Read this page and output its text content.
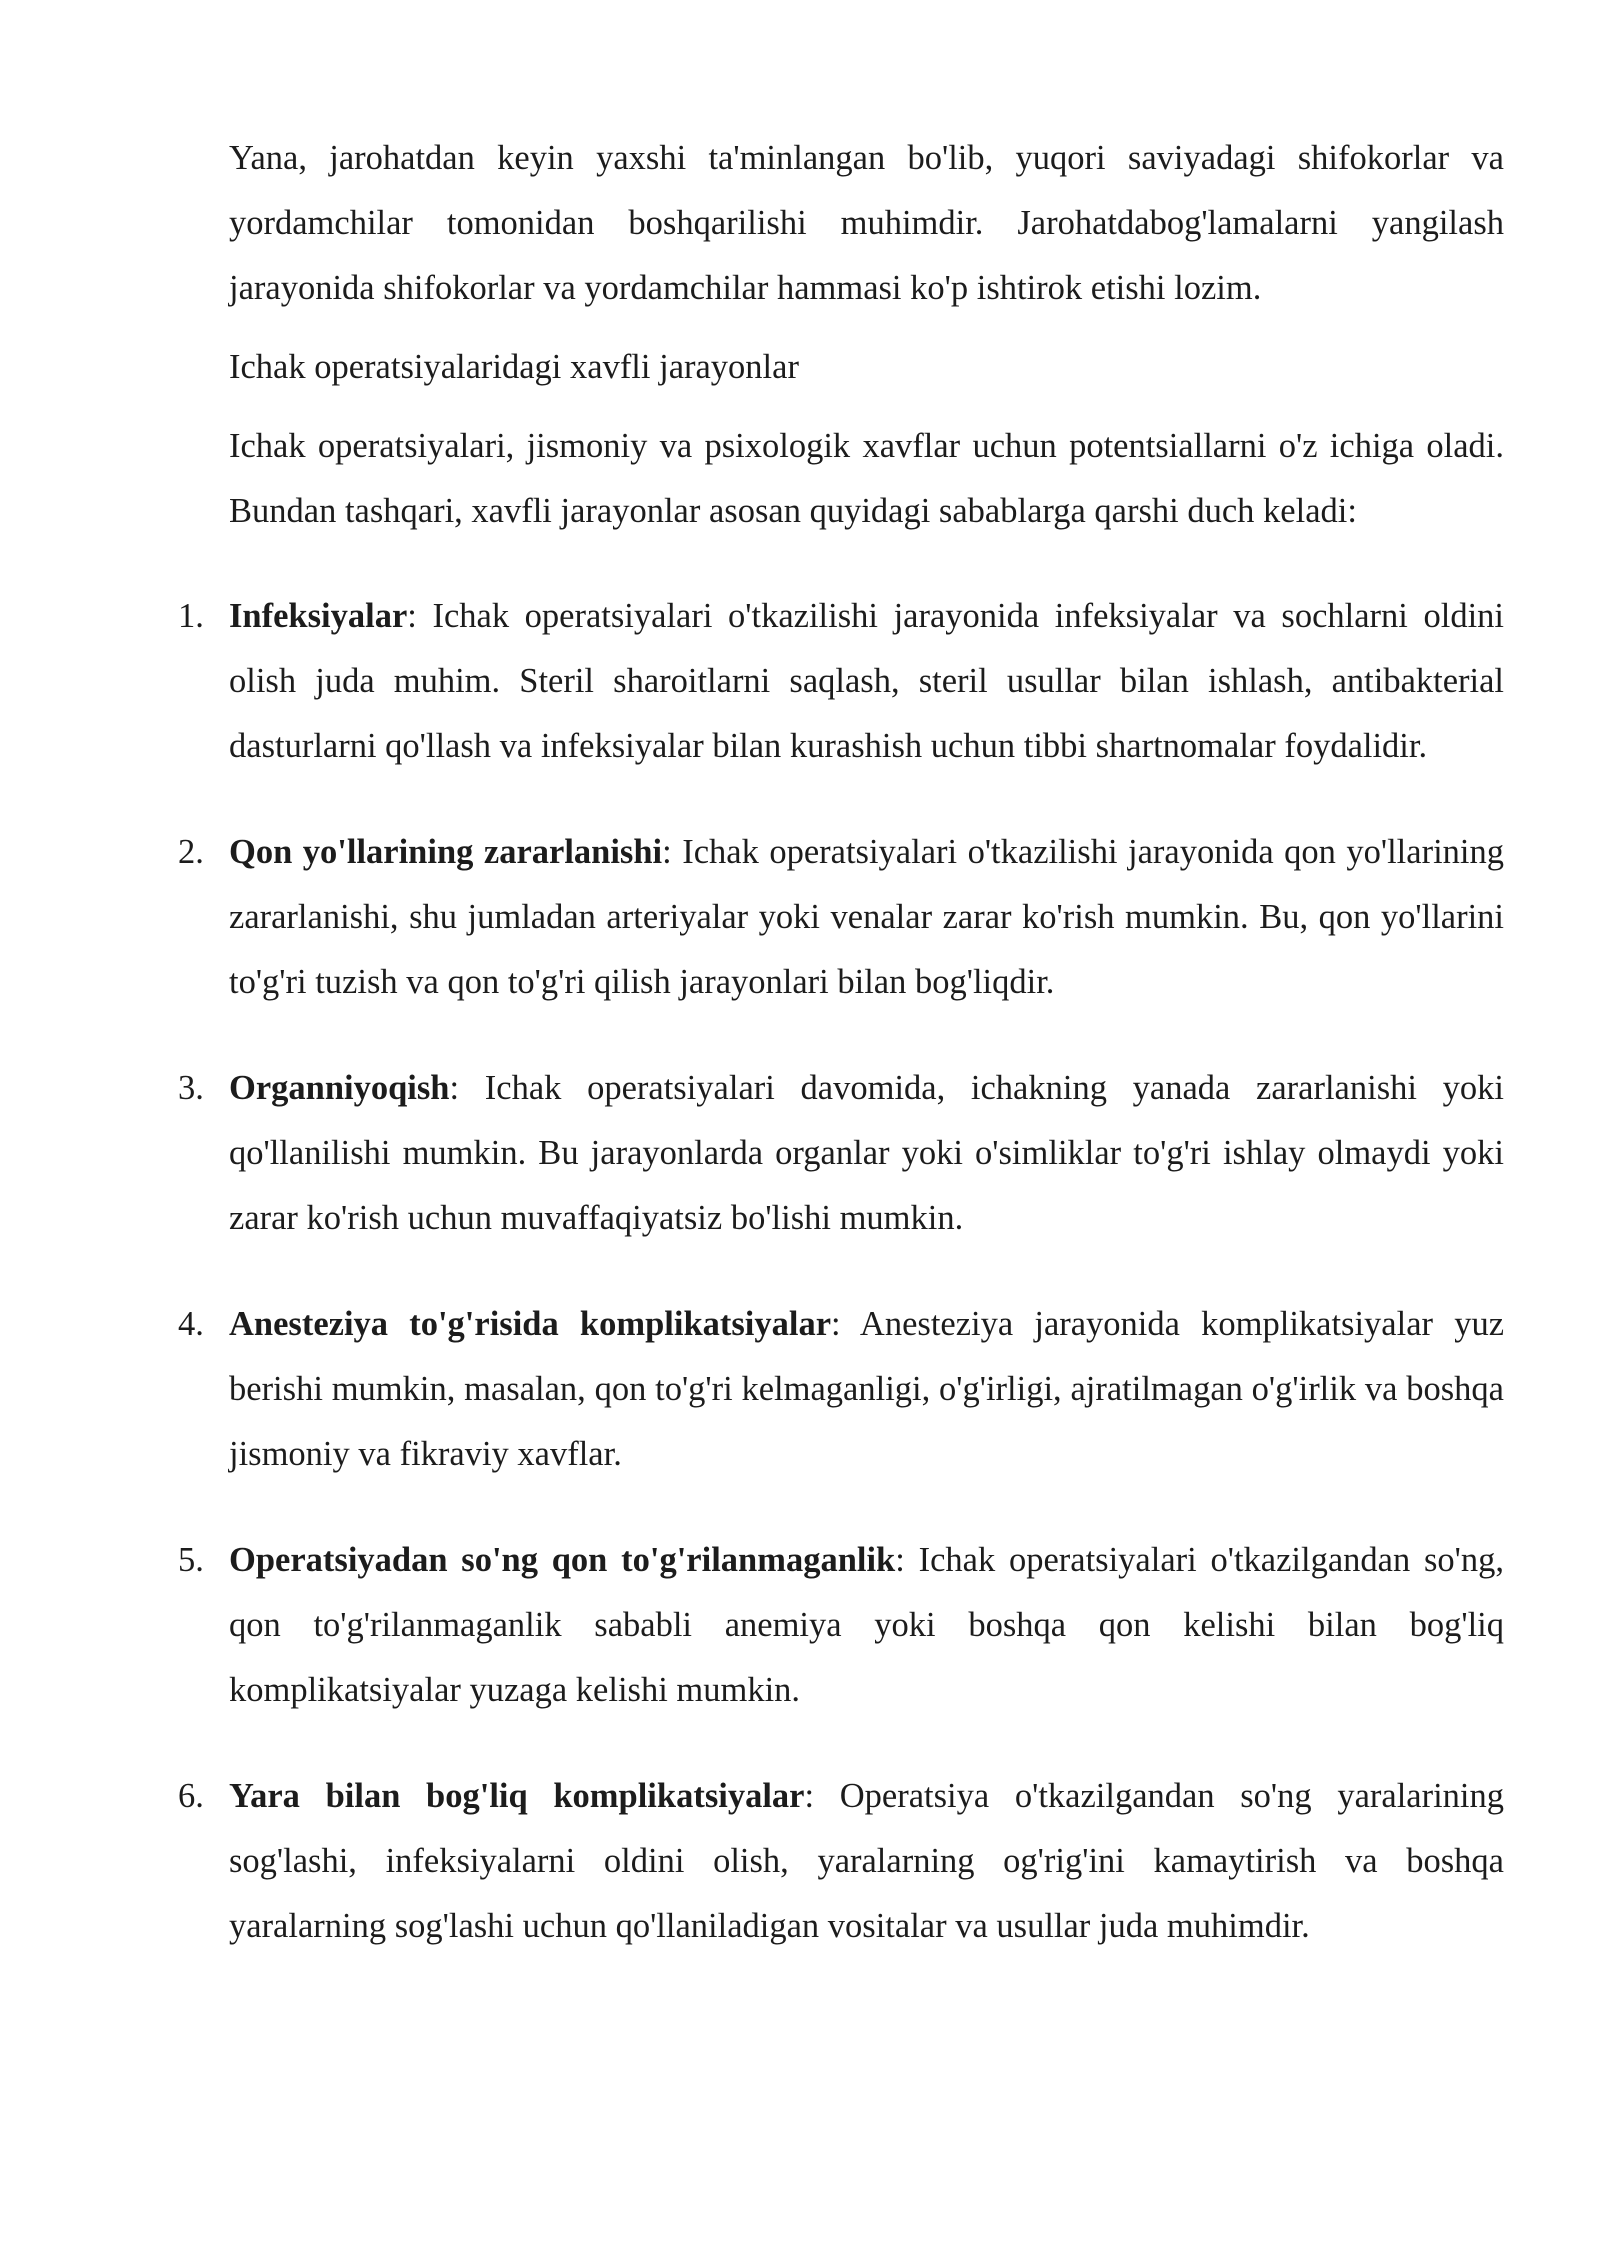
Yana, jarohatdan keyin yaxshi ta'minlangan bo'lib, yuqori saviyadagi shifokorlar va yordamchilar tomonidan boshqarilishi muhimdir. Jarohatdabog'lamalarni yangilash jarayonida shifokorlar va yordamchilar hammasi ko'p ishtirok etishi lozim.

Ichak operatsiyalaridagi xavfli jarayonlar

Ichak operatsiyalari, jismoniy va psixologik xavflar uchun potentsiallarni o'z ichiga oladi. Bundan tashqari, xavfli jarayonlar asosan quyidagi sabablarga qarshi duch keladi:

1. Infeksiyalar: Ichak operatsiyalari o'tkazilishi jarayonida infeksiyalar va sochlarni oldini olish juda muhim. Steril sharoitlarni saqlash, steril usullar bilan ishlash, antibakterial dasturlarni qo'llash va infeksiyalar bilan kurashish uchun tibbi shartnomalar foydalidir.
2. Qon yo'llarining zararlanishi: Ichak operatsiyalari o'tkazilishi jarayonida qon yo'llarining zararlanishi, shu jumladan arteriyalar yoki venalar zarar ko'rish mumkin. Bu, qon yo'llarini to'g'ri tuzish va qon to'g'ri qilish jarayonlari bilan bog'liqdir.
3. Organniyoqish: Ichak operatsiyalari davomida, ichakning yanada zararlanishi yoki qo'llanilishi mumkin. Bu jarayonlarda organlar yoki o'simliklar to'g'ri ishlay olmaydi yoki zarar ko'rish uchun muvaffaqiyatsiz bo'lishi mumkin.
4. Anesteziya to'g'risida komplikatsiyalar: Anesteziya jarayonida komplikatsiyalar yuz berishi mumkin, masalan, qon to'g'ri kelmaganligi, o'g'irligi, ajratilmagan o'g'irlik va boshqa jismoniy va fikraviy xavflar.
5. Operatsiyadan so'ng qon to'g'rilanmaganlik: Ichak operatsiyalari o'tkazilgandan so'ng, qon to'g'rilanmaganlik sababli anemiya yoki boshqa qon kelishi bilan bog'liq komplikatsiyalar yuzaga kelishi mumkin.
6. Yara bilan bog'liq komplikatsiyalar: Operatsiya o'tkazilgandan so'ng yaralarining sog'lashi, infeksiyalarni oldini olish, yaralarning og'rig'ini kamaytirish va boshqa yaralarning sog'lashi uchun qo'llaniladigan vositalar va usullar juda muhimdir.
